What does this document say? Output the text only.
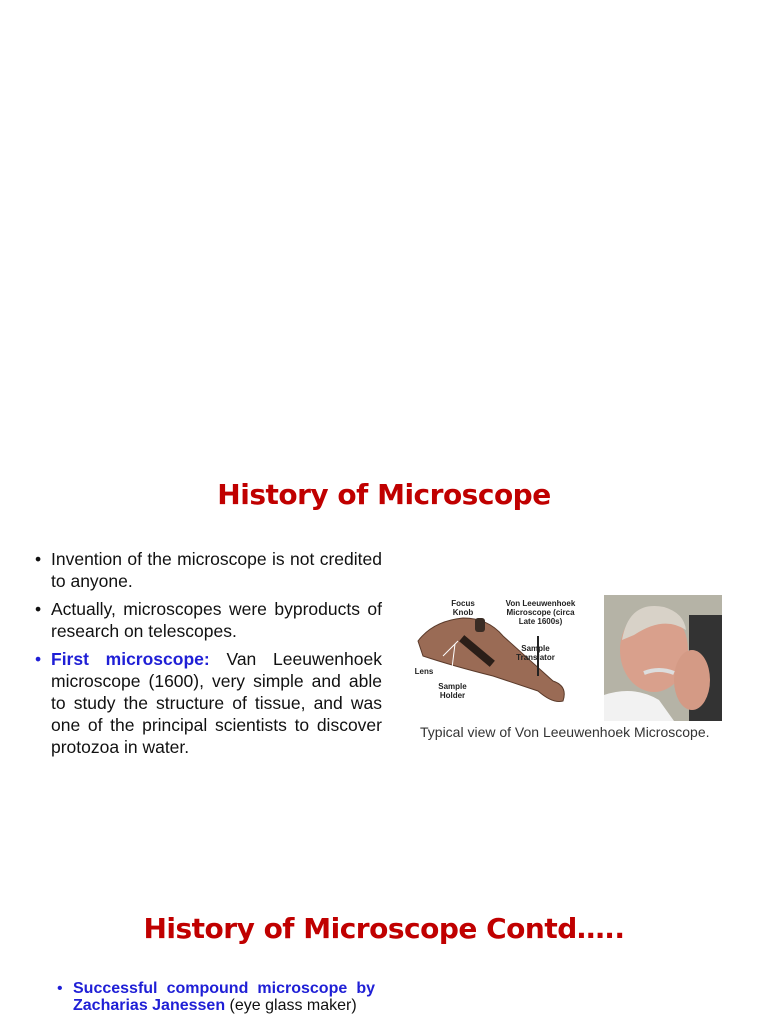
History of Microscope
• Invention of the microscope is not credited to anyone.
• Actually, microscopes were byproducts of research on telescopes.
• First microscope: Van Leeuwenhoek microscope (1600), very simple and able to study the structure of tissue, and was one of the principal scientists to discover protozoa in water.
Focus Knob
Von Leeuwenhoek Microscope (circa Late 1600s)
Sample Translator
Lens
Sample Holder
Typical view of Von Leeuwenhoek Microscope.
History of Microscope Contd…..
• Successful compound microscope by Zacharias Janessen (eye glass maker)
